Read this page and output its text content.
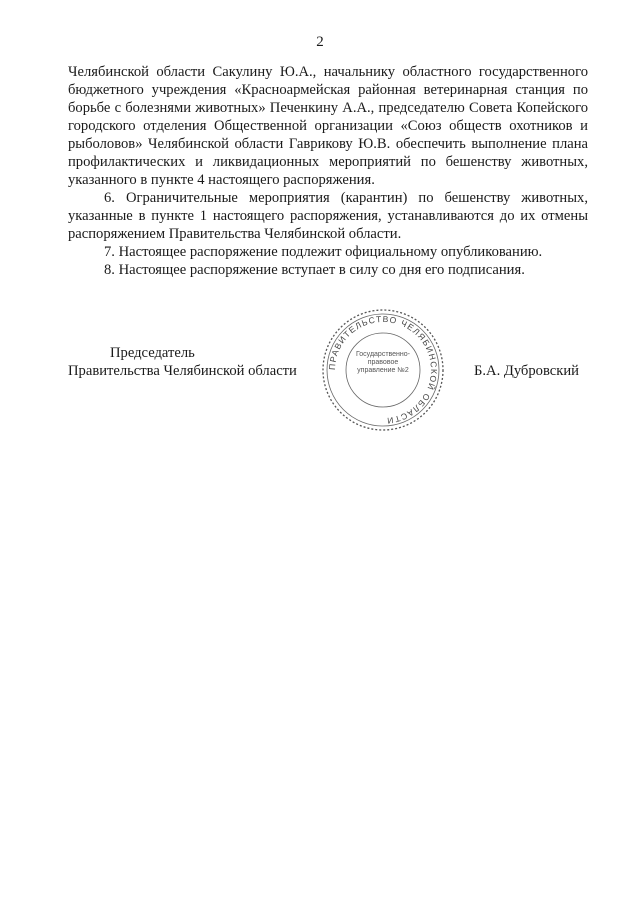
2

Челябинской области Сакулину Ю.А., начальнику областного государственного бюджетного учреждения «Красноармейская районная ветеринарная станция по борьбе с болезнями животных» Печенкину А.А., председателю Совета Копейского городского отделения Общественной организации «Союз обществ охотников и рыболовов» Челябинской области Гаврикову Ю.В. обеспечить выполнение плана профилактических и ликвидационных мероприятий по бешенству животных, указанного в пункте 4 настоящего распоряжения.

6. Ограничительные мероприятия (карантин) по бешенству животных, указанные в пункте 1 настоящего распоряжения, устанавливаются до их отмены распоряжением Правительства Челябинской области.

7. Настоящее распоряжение подлежит официальному опубликованию.

8. Настоящее распоряжение вступает в силу со дня его подписания.

Председатель
Правительства Челябинской области	ПРАВИТЕЛЬСТВО ЧЕЛЯБИНСКОЙ ОБЛАСТИ
Государственно-правовое управление №2	Б.А. Дубровский
